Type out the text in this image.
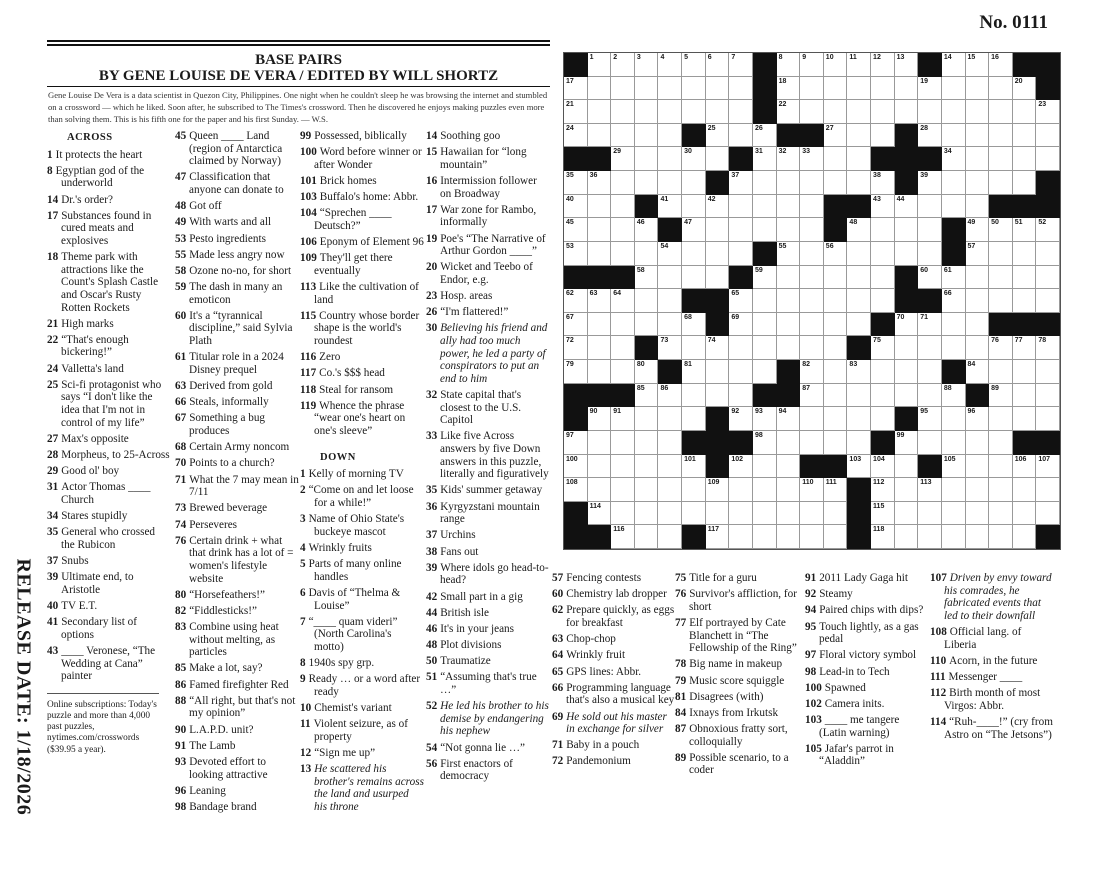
No. 0111
BASE PAIRS
BY GENE LOUISE DE VERA / EDITED BY WILL SHORTZ
Gene Louise De Vera is a data scientist in Quezon City, Philippines. One night when he couldn't sleep he was browsing the internet and stumbled on a crossword — which he liked. Soon after, he subscribed to The Times's crossword. Then he discovered he enjoys making puzzles even more than solving them. This is his fifth one for the paper and his first Sunday. — W.S.
RELEASE DATE: 1/18/2026
ACROSS
1 It protects the heart
8 Egyptian god of the underworld
14 Dr.'s order?
17 Substances found in cured meats and explosives
18 Theme park with attractions like the Count's Splash Castle and Oscar's Rusty Rotten Rockets
21 High marks
22 “That's enough bickering!”
24 Valletta's land
25 Sci-fi protagonist who says “I don't like the idea that I'm not in control of my life”
27 Max's opposite
28 Morpheus, to 25-Across
29 Good ol' boy
31 Actor Thomas ____ Church
34 Stares stupidly
35 General who crossed the Rubicon
37 Snubs
39 Ultimate end, to Aristotle
40 TV E.T.
41 Secondary list of options
43 ____ Veronese, “The Wedding at Cana” painter
Online subscriptions: Today's puzzle and more than 4,000 past puzzles, nytimes.com/crosswords ($39.95 a year).
45 Queen ____ Land (region of Antarctica claimed by Norway)
47 Classification that anyone can donate to
48 Got off
49 With warts and all
53 Pesto ingredients
55 Made less angry now
58 Ozone no-no, for short
59 The dash in many an emoticon
60 It's a “tyrannical discipline,” said Sylvia Plath
61 Titular role in a 2024 Disney prequel
63 Derived from gold
66 Steals, informally
67 Something a bug produces
68 Certain Army noncom
70 Points to a church?
71 What the 7 may mean in 7/11
73 Brewed beverage
74 Perseveres
76 Certain drink + what that drink has a lot of = women's lifestyle website
80 “Horsefeathers!”
82 “Fiddlesticks!”
83 Combine using heat without melting, as particles
85 Make a lot, say?
86 Famed firefighter Red
88 “All right, but that's not my opinion”
90 L.A.P.D. unit?
91 The Lamb
93 Devoted effort to looking attractive
96 Leaning
98 Bandage brand
99 Possessed, biblically
100 Word before winner or after Wonder
101 Brick homes
103 Buffalo's home: Abbr.
104 “Sprechen ____ Deutsch?”
106 Eponym of Element 96
109 They'll get there eventually
113 Like the cultivation of land
115 Country whose border shape is the world's roundest
116 Zero
117 Co.'s $$$ head
118 Steal for ransom
119 Whence the phrase “wear one's heart on one's sleeve”
DOWN
1 Kelly of morning TV
2 “Come on and let loose for a while!”
3 Name of Ohio State's buckeye mascot
4 Wrinkly fruits
5 Parts of many online handles
6 Davis of “Thelma & Louise”
7 “____ quam videri” (North Carolina's motto)
8 1940s spy grp.
9 Ready … or a word after ready
10 Chemist's variant
11 Violent seizure, as of property
12 “Sign me up”
13 He scattered his brother's remains across the land and usurped his throne
14 Soothing goo
15 Hawaiian for “long mountain”
16 Intermission follower on Broadway
17 War zone for Rambo, informally
19 Poe's “The Narrative of Arthur Gordon ____”
20 Wicket and Teebo of Endor, e.g.
23 Hosp. areas
26 “I'm flattered!”
30 Believing his friend and ally had too much power, he led a party of conspirators to put an end to him
32 State capital that's closest to the U.S. Capitol
33 Like five Across answers by five Down answers in this puzzle, literally and figuratively
35 Kids' summer getaway
36 Kyrgyzstani mountain range
37 Urchins
38 Fans out
39 Where idols go head-to-head?
42 Small part in a gig
44 British isle
46 It's in your jeans
48 Plot divisions
50 Traumatize
51 “Assuming that's true …”
52 He led his brother to his demise by endangering his nephew
54 “Not gonna lie …”
56 First enactors of democracy
57 Fencing contests
60 Chemistry lab dropper
62 Prepare quickly, as eggs for breakfast
63 Chop-chop
64 Wrinkly fruit
65 GPS lines: Abbr.
66 Programming language that's also a musical key
69 He sold out his master in exchange for silver
71 Baby in a pouch
72 Pandemonium
75 Title for a guru
76 Survivor's affliction, for short
77 Elf portrayed by Cate Blanchett in “The Fellowship of the Ring”
78 Big name in makeup
79 Music score squiggle
81 Disagrees (with)
84 Ixnays from Irkutsk
87 Obnoxious fratty sort, colloquially
89 Possible scenario, to a coder
91 2011 Lady Gaga hit
92 Steamy
94 Paired chips with dips?
95 Touch lightly, as a gas pedal
97 Floral victory symbol
98 Lead-in to Tech
100 Spawned
102 Camera inits.
103 ____ me tangere (Latin warning)
105 Jafar's parrot in “Aladdin”
107 Driven by envy toward his comrades, he fabricated events that led to their downfall
108 Official lang. of Liberia
110 Acorn, in the future
111 Messenger ____
112 Birth month of most Virgos: Abbr.
114 “Ruh-____!” (cry from Astro on “The Jetsons”)
1	2	3	4	5	6	7	8	9	10 11 12 13	14 15 16
17	18	19	20
21	22	23
24	25	26	27	28
29	30	31 32 33	34
35 36	37	38	39
40	41	42	43 44
45	46	47	48	49 50 51 52
53	54	55	56	57
58	59	60 61
62 63 64	65	66
67	68	69	70 71
72	73	74	75	76 77 78
79	80	81	82	83	84
85 86	87	88	89
90 91	92 93 94	95	96
97	98	99
100	101	102	103 104	105	106 107
108	109	110 111	112	113
114	115
116	117	118
